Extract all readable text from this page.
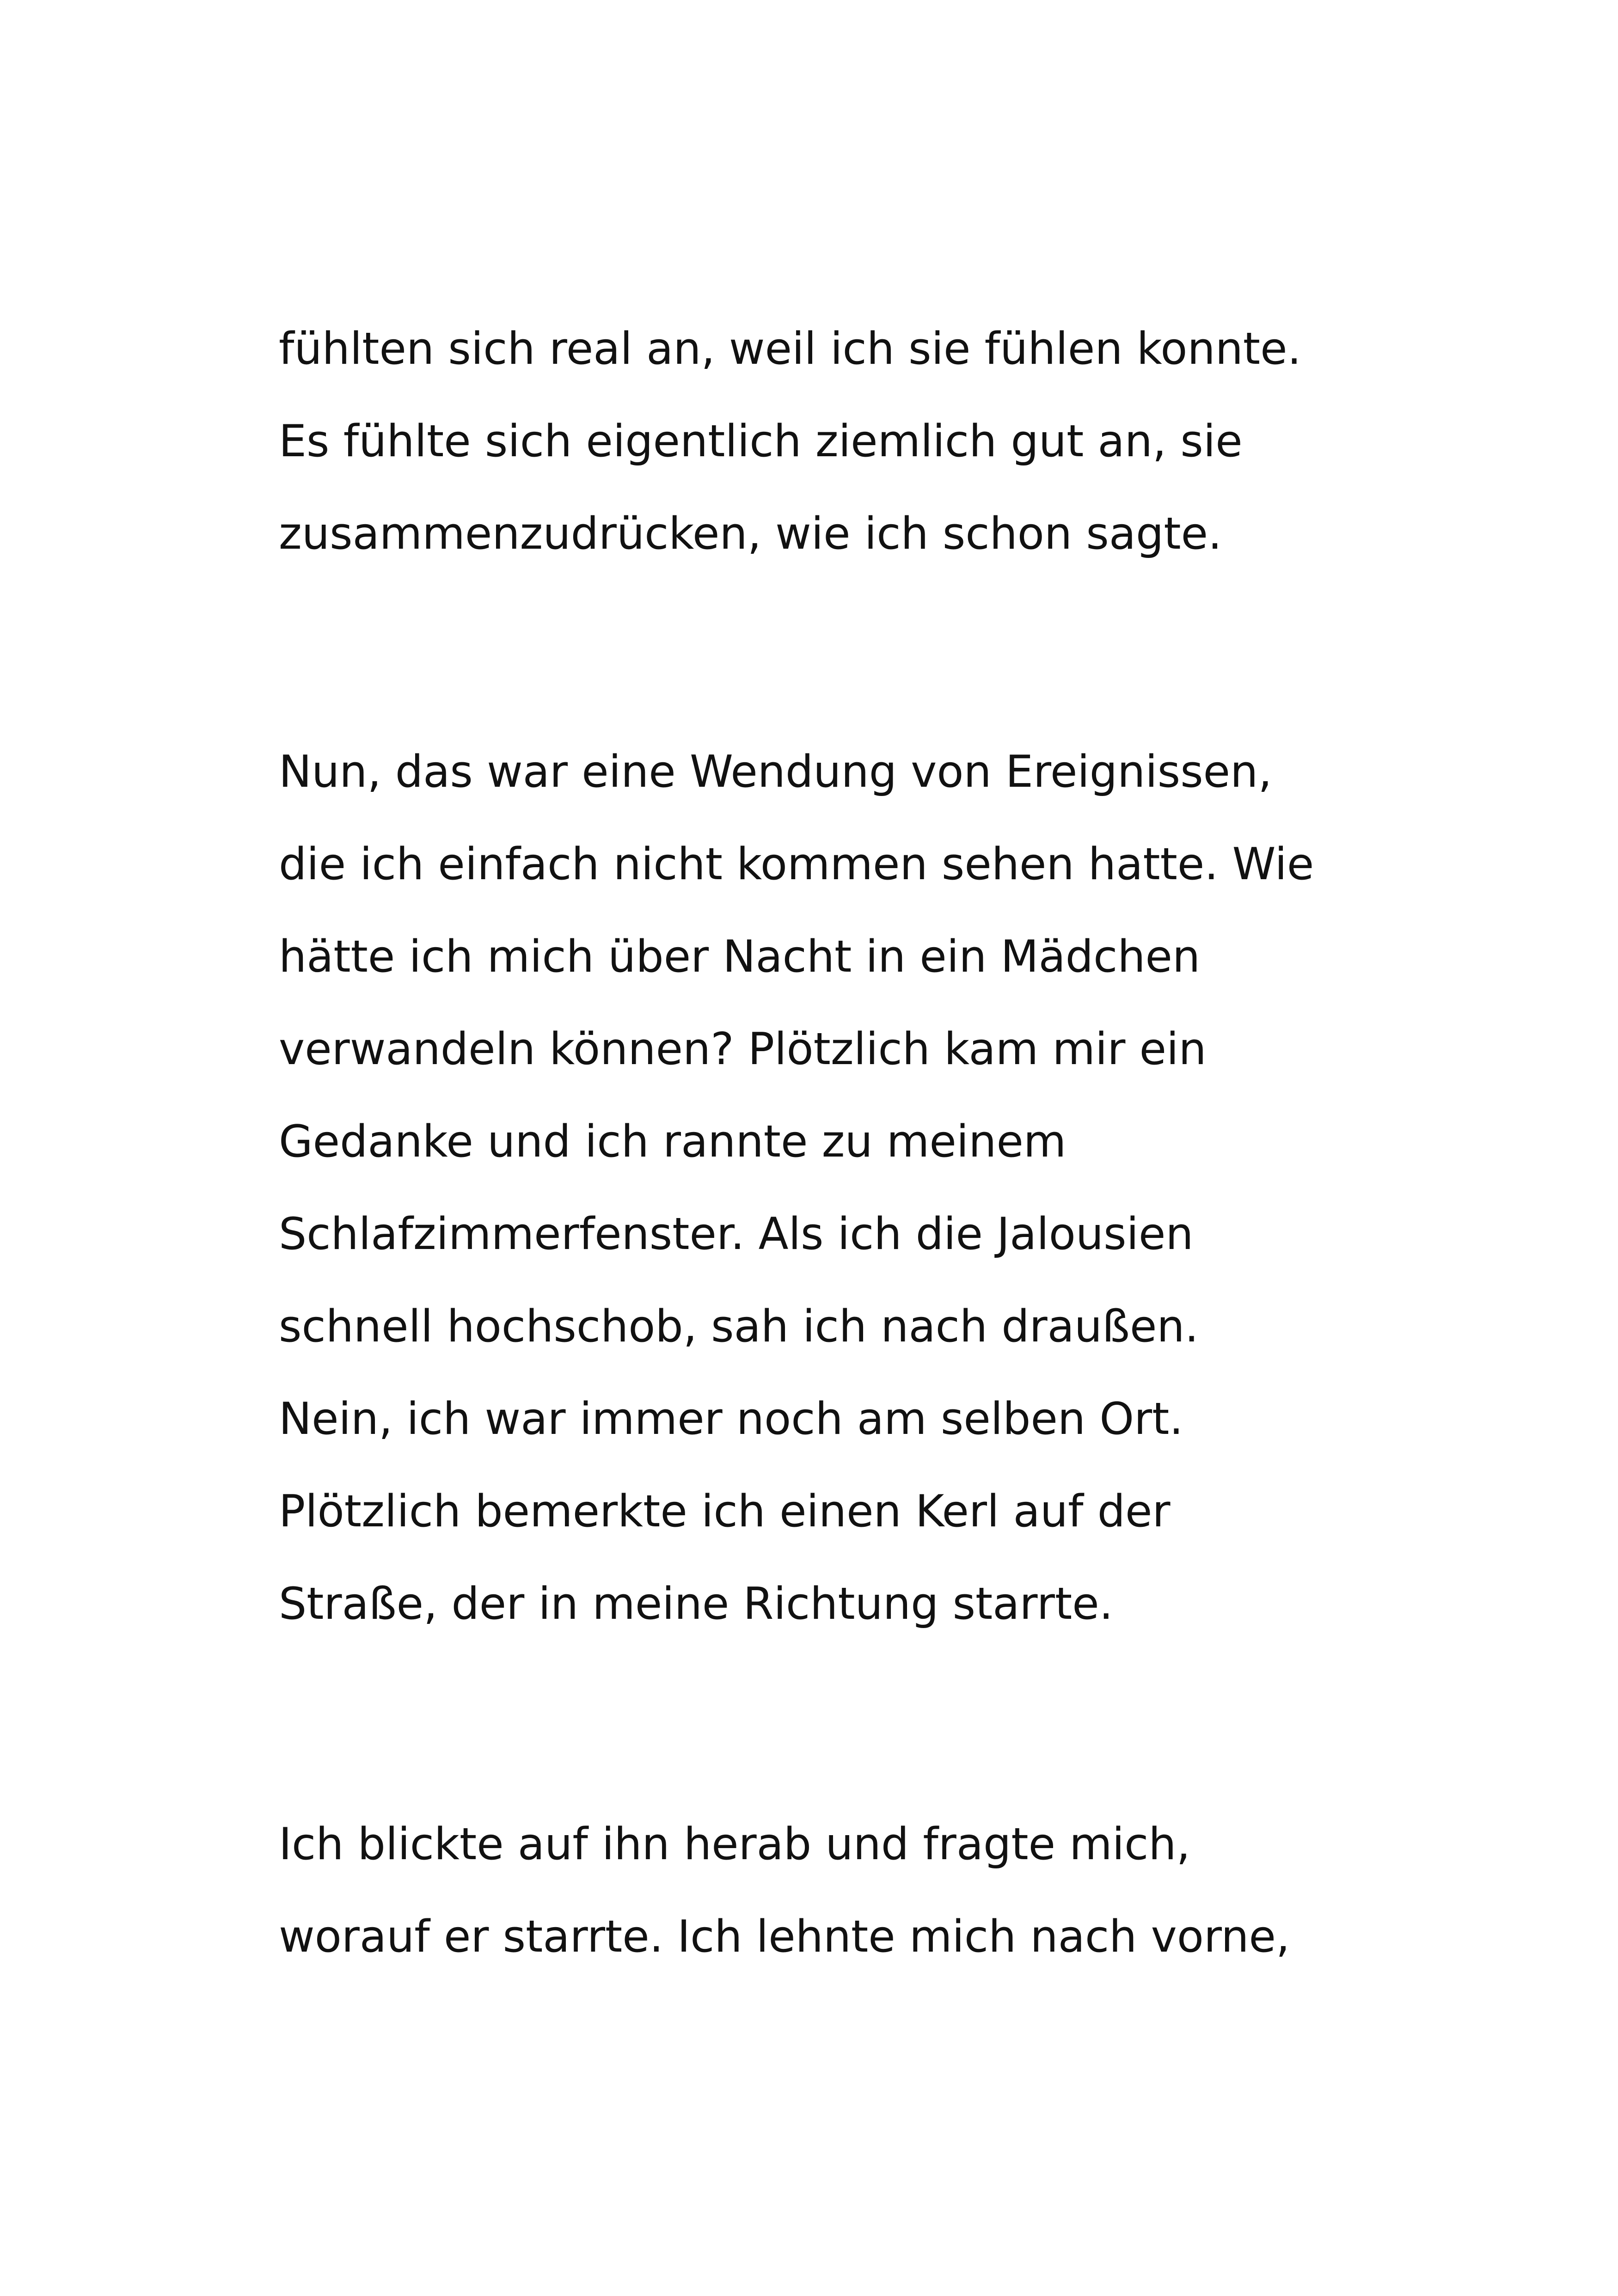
fühlten sich real an, weil ich sie fühlen konnte.

Es fühlte sich eigentlich ziemlich gut an, sie

zusammenzudrücken, wie ich schon sagte.

Nun, das war eine Wendung von Ereignissen,

die ich einfach nicht kommen sehen hatte. Wie

hätte ich mich über Nacht in ein Mädchen

verwandeln können? Plötzlich kam mir ein

Gedanke und ich rannte zu meinem

Schlafzimmerfenster. Als ich die Jalousien

schnell hochschob, sah ich nach draußen.

Nein, ich war immer noch am selben Ort.

Plötzlich bemerkte ich einen Kerl auf der

Straße, der in meine Richtung starrte.

Ich blickte auf ihn herab und fragte mich,

worauf er starrte. Ich lehnte mich nach vorne,
